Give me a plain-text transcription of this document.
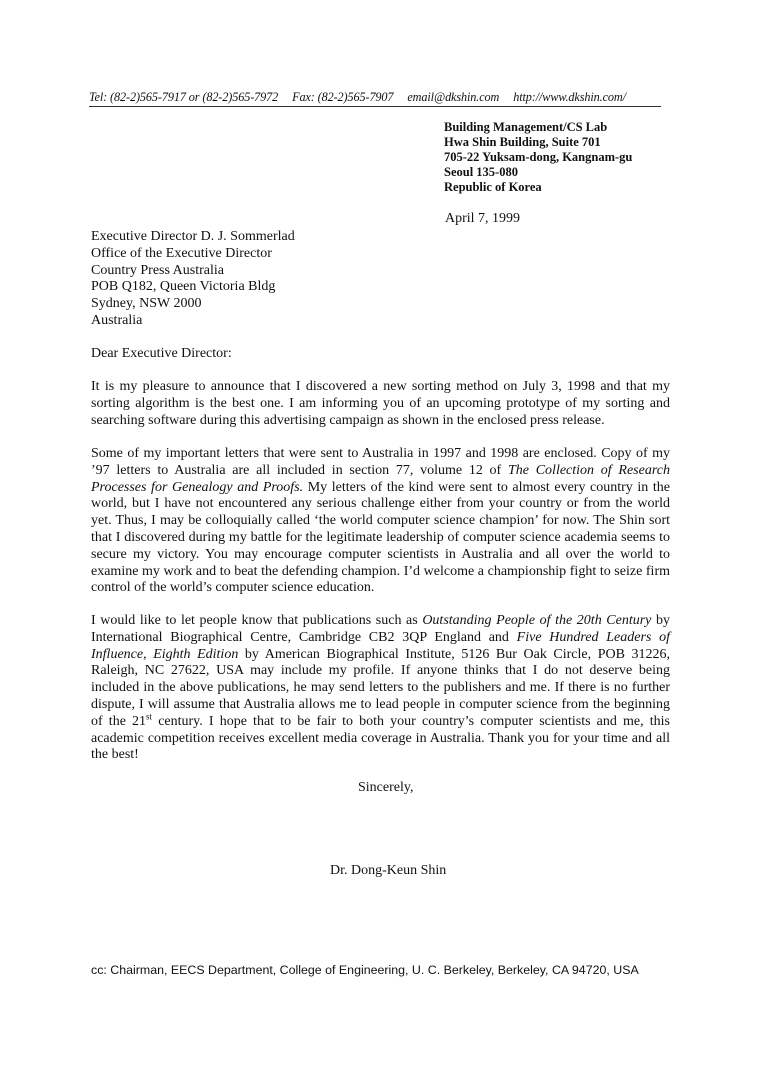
Tel: (82-2)565-7917 or (82-2)565-7972 Fax: (82-2)565-7907 email@dkshin.com http://www.dkshin.com/
Building Management/CS Lab
Hwa Shin Building, Suite 701
705-22 Yuksam-dong, Kangnam-gu
Seoul 135-080
Republic of Korea
April 7, 1999
Executive Director D. J. Sommerlad
Office of the Executive Director
Country Press Australia
POB Q182, Queen Victoria Bldg
Sydney, NSW 2000
Australia
Dear Executive Director:

It is my pleasure to announce that I discovered a new sorting method on July 3, 1998 and that my sorting algorithm is the best one. I am informing you of an upcoming prototype of my sorting and searching software during this advertising campaign as shown in the enclosed press release.

Some of my important letters that were sent to Australia in 1997 and 1998 are enclosed. Copy of my ’97 letters to Australia are all included in section 77, volume 12 of The Collection of Research Processes for Genealogy and Proofs. My letters of the kind were sent to almost every country in the world, but I have not encountered any serious challenge either from your country or from the world yet. Thus, I may be colloquially called ‘the world computer science champion’ for now. The Shin sort that I discovered during my battle for the legitimate leadership of computer science academia seems to secure my victory. You may encourage computer scientists in Australia and all over the world to examine my work and to beat the defending champion. I’d welcome a championship fight to seize firm control of the world’s computer science education.

I would like to let people know that publications such as Outstanding People of the 20th Century by International Biographical Centre, Cambridge CB2 3QP England and Five Hundred Leaders of Influence, Eighth Edition by American Biographical Institute, 5126 Bur Oak Circle, POB 31226, Raleigh, NC 27622, USA may include my profile. If anyone thinks that I do not deserve being included in the above publications, he may send letters to the publishers and me. If there is no further dispute, I will assume that Australia allows me to lead people in computer science from the beginning of the 21st century. I hope that to be fair to both your country’s computer scientists and me, this academic competition receives excellent media coverage in Australia. Thank you for your time and all the best!

Sincerely,
Dr. Dong-Keun Shin
cc: Chairman, EECS Department, College of Engineering, U. C. Berkeley, Berkeley, CA 94720, USA
